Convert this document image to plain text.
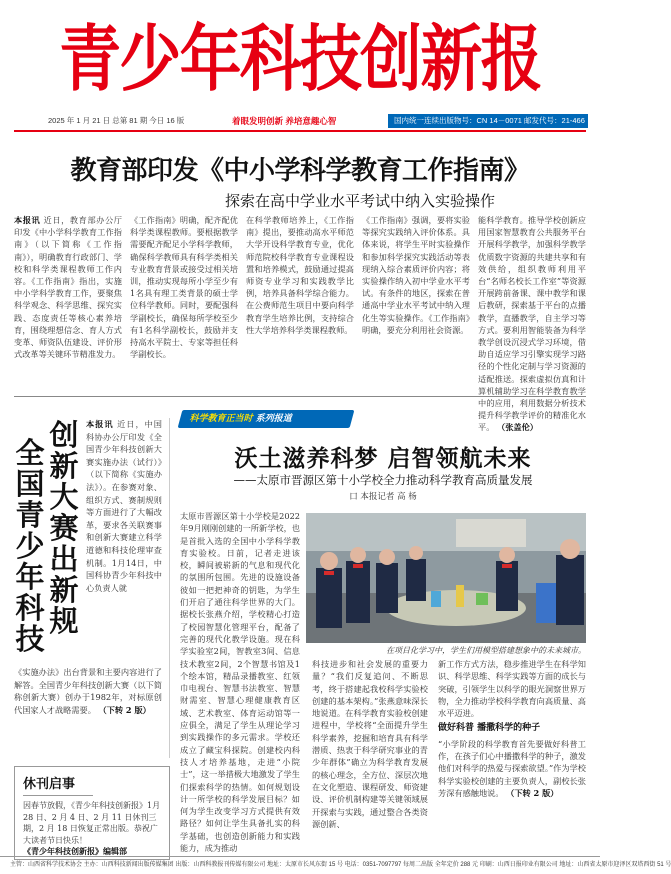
青少年科技创新报
2025 年 1 月 21 日 总第 81 期 今日 16 版	着眼发明创新 养培意趣心智	国内统一连续出版物号：CN 14－0071 邮发代号：21-466
教育部印发《中小学科学教育工作指南》
探索在高中学业水平考试中纳入实验操作
本报讯 近日，教育部办公厅印发《中小学科学教育工作指南》（以下简称《工作指南》），明确教育行政部门、学校和科学类课程教师工作内容。《工作指南》指出，实施中小学科学教育工作，要聚焦科学观念、科学思维、探究实践、态度责任等核心素养培育，围绕理想信念、育人方式变革、师资队伍建设、评价形式改革等关键环节精准发力。
《工作指南》明确，配齐配优科学类课程教师。要根据教学需要配齐配足小学科学教师，确保科学教师具有科学类相关专业教育背景或接受过相关培训，推动实现每所小学至少有1名具有理工类背景的硕士学位科学教师。同时，要配强科学副校长，确保每所学校至少有1名科学副校长，鼓励并支持高水平院士、专家等担任科学副校长。
在科学教师培养上，《工作指南》提出，要推动高水平师范大学开设科学教育专业，优化师范院校科学教育专业课程设置和培养模式，鼓励通过提高师资专业学习和实践教学比例，培养具备科学综合能力。在公费师范生项目中要向科学教育学生培养比例，支持综合性大学培养科学类课程教师。
《工作指南》强调，要将实验等探究实践纳入评价体系。具体来说，将学生平时实验操作和参加科学探究实践活动等表现纳入综合素质评价内容；将实验操作纳入初中学业水平考试。有条件的地区，探索在普通高中学业水平考试中纳入理化生等实验操作。《工作指南》明确，要充分利用社会资源。
能科学教育。推导学校创新应用国家智慧教育公共服务平台开展科学教学，加强科学教学优质数字资源的共建共享和有效供给，组织教师利用平台“名师名校长工作室”等资源开展跨前备课、课中教学和课后教研，探索基于平台的点播教学，直播教学，自主学习等方式。要利用智能装备为科学教学创设沉浸式学习环境，借助自适应学习引擎实现学习路径的个性化定制与学习资源的适配推送。探索虚拟仿真和计算机辅助学习在科学教育教学中的应用，利用数据分析技术提升科学教学评价的精准化水平。 （张盖伦）
全
国
青
少
年
科
技
创
新
大
赛
出
新
规
本报讯 近日，中国科协办公厅印发《全国青少年科技创新大赛实施办法（试行）》（以下简称《实施办法》）。在参赛对象、组织方式、赛制规则等方面进行了大幅改革，要求各关联赛事和创新大赛建立科学道德和科技伦理审查机制。1月14日，中国科协青少年科技中心负责人就
《实施办法》出台背景和主要内容进行了解答。全国青少年科技创新大赛（以下简称创新大赛）创办于1982年，对标原创代国家人才战略需要。 （下转 2 版）
休刊启事
因春节放假，《青少年科技创新报》1月 28 日、2 月 4 日、2 月 11 日休刊三期，2 月 18 日恢复正常出版。恭祝广大读者节日快乐！
《青少年科技创新报》编辑部
科学教育正当时 系列报道
沃土滋养科梦 启智领航未来
——太原市晋源区第十小学校全力推动科学教育高质量发展
口 本报记者 高 杨
太原市晋源区第十小学校是2022年9月刚刚创建的一所新学校，也是首批入选的全国中小学科学教育实验校。日前，记者走进该校，瞬间被崭新的气息和现代化的氛围所包围。先进的设施设备彼如一把把神奇的钥匙，为学生们开启了通往科学世界的大门。 据校长张燕介绍，学校精心打造了校园智慧化管理平台，配备了完善的现代化教学设施。现在科学实验室2间，智教室3间、信息技术教室2间，2个智慧书馆及1个绘本馆，精品录播教室、红领巾电视台、智慧书法教室、智慧财需室、智慧心理健康教育区域、艺术教室、体育运动馆等一应俱全，满足了学生从理论学习到实践操作的多元需求。学校还成立了藏宝科探院。创建校内科技人才培养基地，走进“小院士”，这一举措极大地激发了学生们探索科学的热情。如何规划设计一所学校的科学发展目标？如何为学生改变学习方式提供有效路径？如何让学生具备扎实的科学基础，也创造创新能力和实践能力，成为推动
在项目化学习中，学生们用模型搭建想象中的未来城市。
科技进步和社会发展的重要力量？“我们反复追问、不断思考，终于搭建起我校科学实验校创建的基本架构。”张燕意味深长地说道。在科学教育实验校创建进程中，学校将“全面提升学生科学素养，挖掘和培育具有科学潜质、热衷于科学研究事业的青少年群体”确立为科学教育发展的核心理念，全方位、深层次地在文化塑造、课程研发、师资建设、评价机制构建等关键领域展开探索与实践，通过整合各类资源创新、
新工作方式方法，稳步推进学生在科学知识、科学思维、科学实践等方面的成长与突破，引领学生以科学的眼光洞察世界万物，全力推动学校科学教育向高质量、高水平迈进。
做好科普 播撒科学的种子
“小学阶段的科学教育首先要做好科普工作，在孩子们心中播撒科学的种子，激发他们对科学的热爱与探索欲望。”作为学校科学实验校创建的主要负责人，副校长张芳深有感触地说。 （下转 2 版）
主管：山西省科学技术协会 主办：山西科技新闻出版传媒集团 出版：山西科教报刊传媒有限公司 地址：太原市长风东街 15 号 电话：0351-7097797 每周二出版 全年定价 288 元 印刷：山西日报印业有限公司 地址：山西省太原市迎泽区双塔西街 51 号
